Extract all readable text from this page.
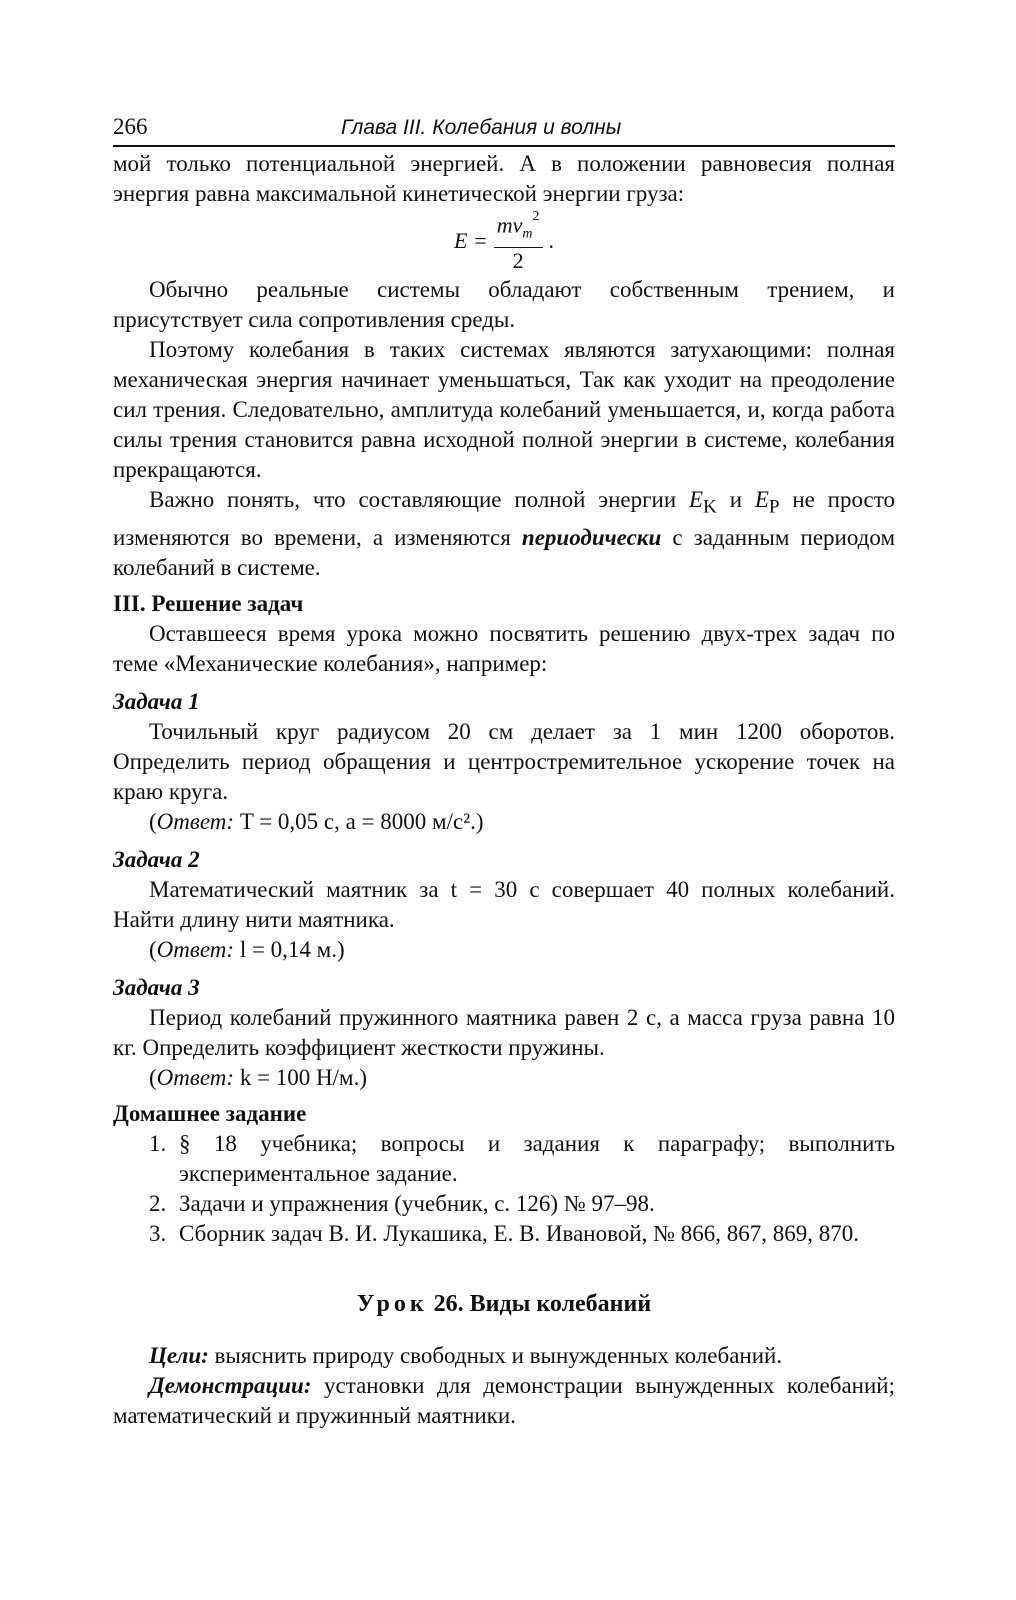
266	Глава III. Колебания и волны

мой только потенциальной энергией. А в положении равновесия полная энергия равна максимальной кинетической энергии груза:

$E = \frac{mv_m^2}{2}$ .

Обычно реальные системы обладают собственным трением, и присутствует сила сопротивления среды.

Поэтому колебания в таких системах являются затухающими: полная механическая энергия начинает уменьшаться, Так как уходит на преодоление сил трения. Следовательно, амплитуда колебаний уменьшается, и, когда работа силы трения становится равна исходной полной энергии в системе, колебания прекращаются.

Важно понять, что составляющие полной энергии $E_K$ и $E_P$ не просто изменяются во времени, а изменяются периодически с заданным периодом колебаний в системе.

III. Решение задач

Оставшееся время урока можно посвятить решению двух-трех задач по теме «Механические колебания», например:

Задача 1

Точильный круг радиусом 20 см делает за 1 мин 1200 оборотов. Определить период обращения и центростремительное ускорение точек на краю круга.

(Ответ: T = 0,05 с, a = 8000 м/с².)

Задача 2

Математический маятник за t = 30 с совершает 40 полных колебаний. Найти длину нити маятника.

(Ответ: l = 0,14 м.)

Задача 3

Период колебаний пружинного маятника равен 2 с, а масса груза равна 10 кг. Определить коэффициент жесткости пружины.

(Ответ: k = 100 Н/м.)

Домашнее задание
1. § 18 учебника; вопросы и задания к параграфу; выполнить экспериментальное задание.
2. Задачи и упражнения (учебник, с. 126) № 97–98.
3. Сборник задач В. И. Лукашика, Е. В. Ивановой, № 866, 867, 869, 870.
Урок 26. Виды колебаний

Цели: выяснить природу свободных и вынужденных колебаний.

Демонстрации: установки для демонстрации вынужденных колебаний; математический и пружинный маятники.
